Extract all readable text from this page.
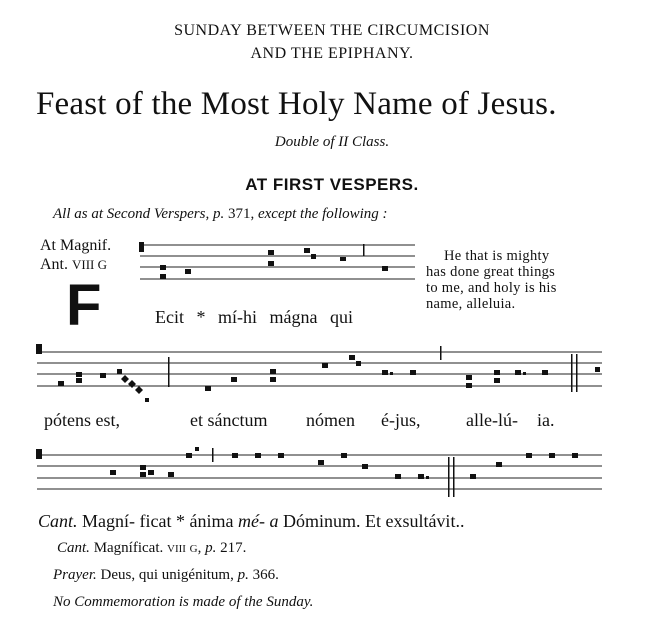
SUNDAY BETWEEN THE CIRCUMCISION
AND THE EPIPHANY.
Feast of the Most Holy Name of Jesus.
Double of II Class.
AT FIRST VESPERS.
All as at Second Verspers, p. 371, except the following :
At Magnif.
Ant. VIII G
F
He that is mighty
has done great things
to me, and holy is his
name, alleluia.
Ecit * mí-hi mágna qui
pótens est,	et sánctum nómen é-jus,	alle-lú- ia.
Cant. Magní- ficat * ánima mé- a Dóminum. Et exsultávit..
Cant. Magníficat. viii g, p. 217.
Prayer. Deus, qui unigénitum, p. 366.
No Commemoration is made of the Sunday.
